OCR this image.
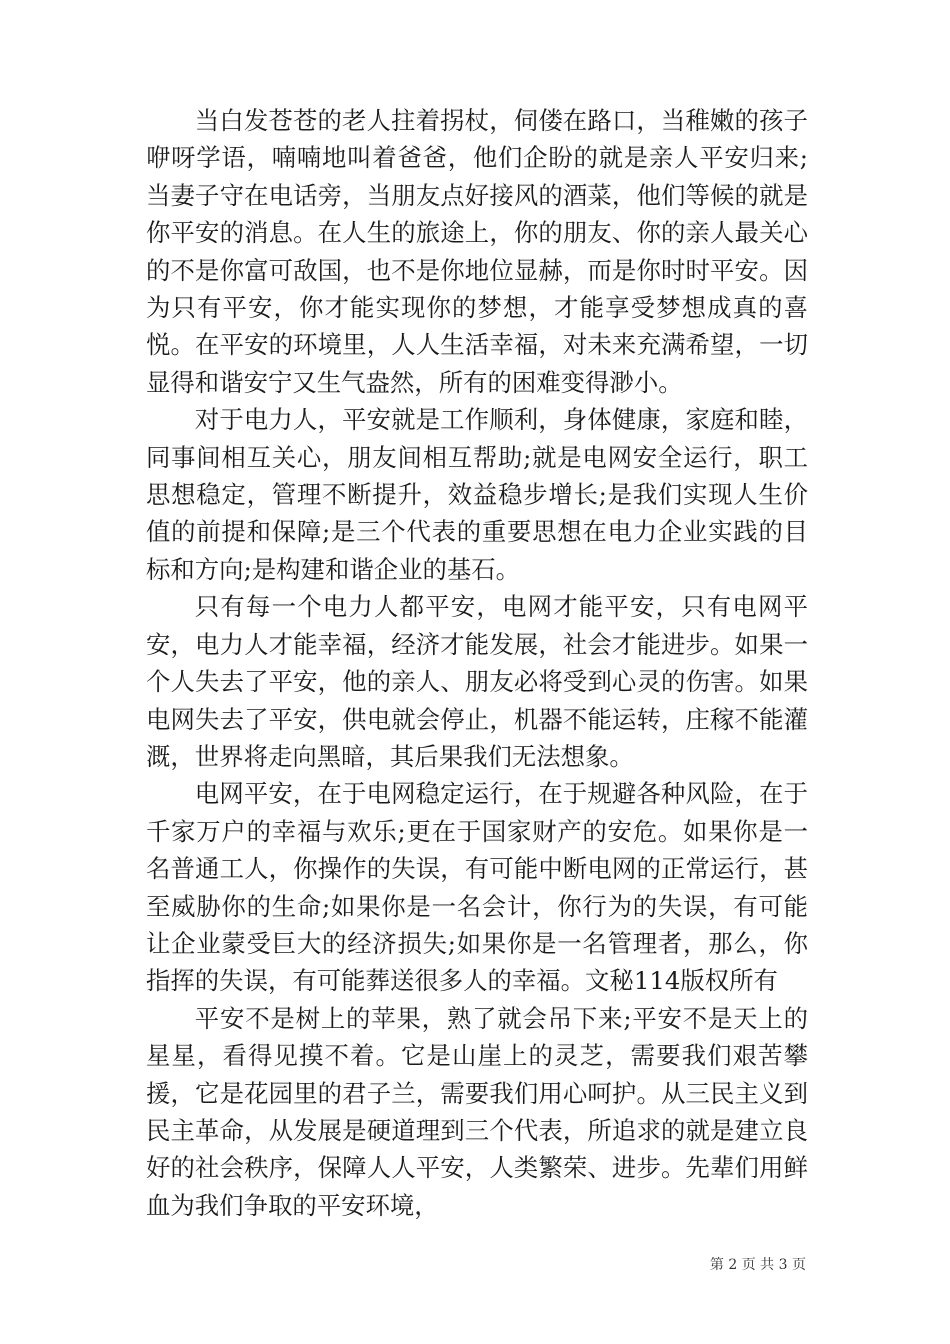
当白发苍苍的老人拄着拐杖，伺偻在路口，当稚嫩的孩子咿呀学语，喃喃地叫着爸爸，他们企盼的就是亲人平安归来;当妻子守在电话旁，当朋友点好接风的酒菜，他们等候的就是你平安的消息。在人生的旅途上，你的朋友、你的亲人最关心的不是你富可敌国，也不是你地位显赫，而是你时时平安。因为只有平安，你才能实现你的梦想，才能享受梦想成真的喜悦。在平安的环境里，人人生活幸福，对未来充满希望，一切显得和谐安宁又生气盎然，所有的困难变得渺小。

对于电力人，平安就是工作顺利，身体健康，家庭和睦，同事间相互关心，朋友间相互帮助;就是电网安全运行，职工思想稳定，管理不断提升，效益稳步增长;是我们实现人生价值的前提和保障;是三个代表的重要思想在电力企业实践的目标和方向;是构建和谐企业的基石。

只有每一个电力人都平安，电网才能平安，只有电网平安，电力人才能幸福，经济才能发展，社会才能进步。如果一个人失去了平安，他的亲人、朋友必将受到心灵的伤害。如果电网失去了平安，供电就会停止，机器不能运转，庄稼不能灌溉，世界将走向黑暗，其后果我们无法想象。

电网平安，在于电网稳定运行，在于规避各种风险，在于千家万户的幸福与欢乐;更在于国家财产的安危。如果你是一名普通工人，你操作的失误，有可能中断电网的正常运行，甚至威胁你的生命;如果你是一名会计，你行为的失误，有可能让企业蒙受巨大的经济损失;如果你是一名管理者，那么，你指挥的失误，有可能葬送很多人的幸福。文秘114版权所有

平安不是树上的苹果，熟了就会吊下来;平安不是天上的星星，看得见摸不着。它是山崖上的灵芝，需要我们艰苦攀援，它是花园里的君子兰，需要我们用心呵护。从三民主义到民主革命，从发展是硬道理到三个代表，所追求的就是建立良好的社会秩序，保障人人平安，人类繁荣、进步。先辈们用鲜血为我们争取的平安环境，

第 2 页 共 3 页
